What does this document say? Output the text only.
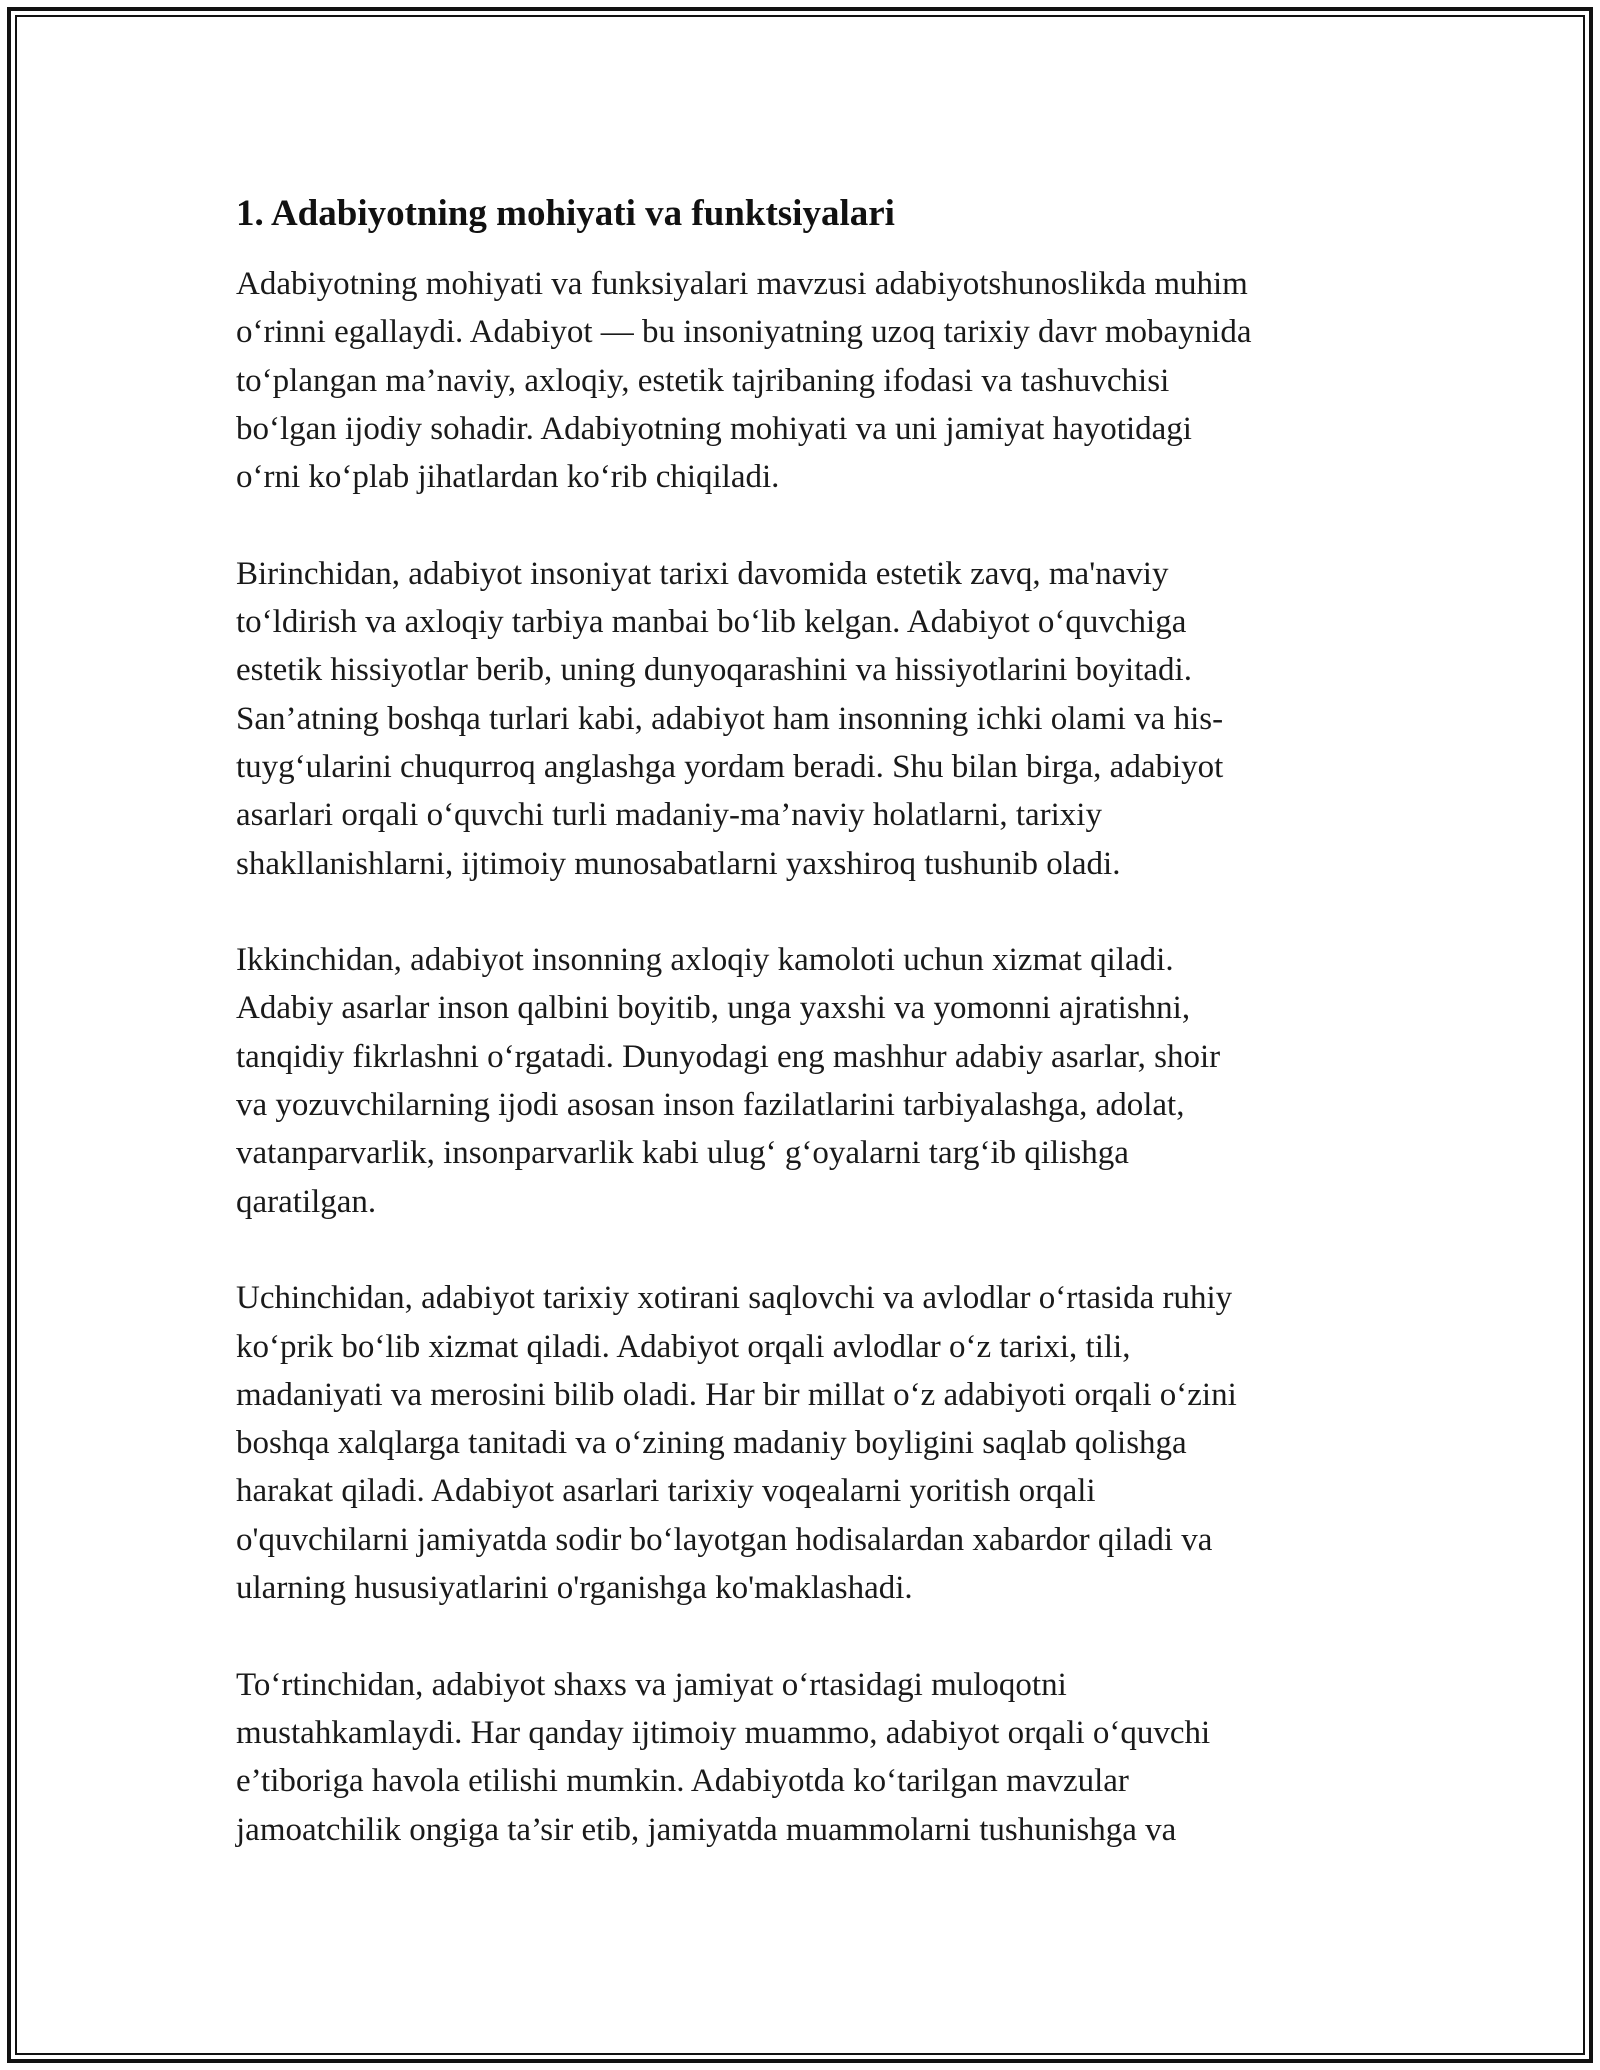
1. Adabiyotning mohiyati va funktsiyalari
Adabiyotning mohiyati va funksiyalari mavzusi adabiyotshunoslikda muhim
o‘rinni egallaydi. Adabiyot — bu insoniyatning uzoq tarixiy davr mobaynida
to‘plangan ma’naviy, axloqiy, estetik tajribaning ifodasi va tashuvchisi
bo‘lgan ijodiy sohadir. Adabiyotning mohiyati va uni jamiyat hayotidagi
o‘rni ko‘plab jihatlardan ko‘rib chiqiladi.
Birinchidan, adabiyot insoniyat tarixi davomida estetik zavq, ma'naviy
to‘ldirish va axloqiy tarbiya manbai bo‘lib kelgan. Adabiyot o‘quvchiga
estetik hissiyotlar berib, uning dunyoqarashini va hissiyotlarini boyitadi.
San’atning boshqa turlari kabi, adabiyot ham insonning ichki olami va his-
tuyg‘ularini chuqurroq anglashga yordam beradi. Shu bilan birga, adabiyot
asarlari orqali o‘quvchi turli madaniy-ma’naviy holatlarni, tarixiy
shakllanishlarni, ijtimoiy munosabatlarni yaxshiroq tushunib oladi.
Ikkinchidan, adabiyot insonning axloqiy kamoloti uchun xizmat qiladi.
Adabiy asarlar inson qalbini boyitib, unga yaxshi va yomonni ajratishni,
tanqidiy fikrlashni o‘rgatadi. Dunyodagi eng mashhur adabiy asarlar, shoir
va yozuvchilarning ijodi asosan inson fazilatlarini tarbiyalashga, adolat,
vatanparvarlik, insonparvarlik kabi ulug‘ g‘oyalarni targ‘ib qilishga
qaratilgan.
Uchinchidan, adabiyot tarixiy xotirani saqlovchi va avlodlar o‘rtasida ruhiy
ko‘prik bo‘lib xizmat qiladi. Adabiyot orqali avlodlar o‘z tarixi, tili,
madaniyati va merosini bilib oladi. Har bir millat o‘z adabiyoti orqali o‘zini
boshqa xalqlarga tanitadi va o‘zining madaniy boyligini saqlab qolishga
harakat qiladi. Adabiyot asarlari tarixiy voqealarni yoritish orqali
o'quvchilarni jamiyatda sodir bo‘layotgan hodisalardan xabardor qiladi va
ularning hususiyatlarini o'rganishga ko'maklashadi.
To‘rtinchidan, adabiyot shaxs va jamiyat o‘rtasidagi muloqotni
mustahkamlaydi. Har qanday ijtimoiy muammo, adabiyot orqali o‘quvchi
e’tiboriga havola etilishi mumkin. Adabiyotda ko‘tarilgan mavzular
jamoatchilik ongiga ta’sir etib, jamiyatda muammolarni tushunishga va
